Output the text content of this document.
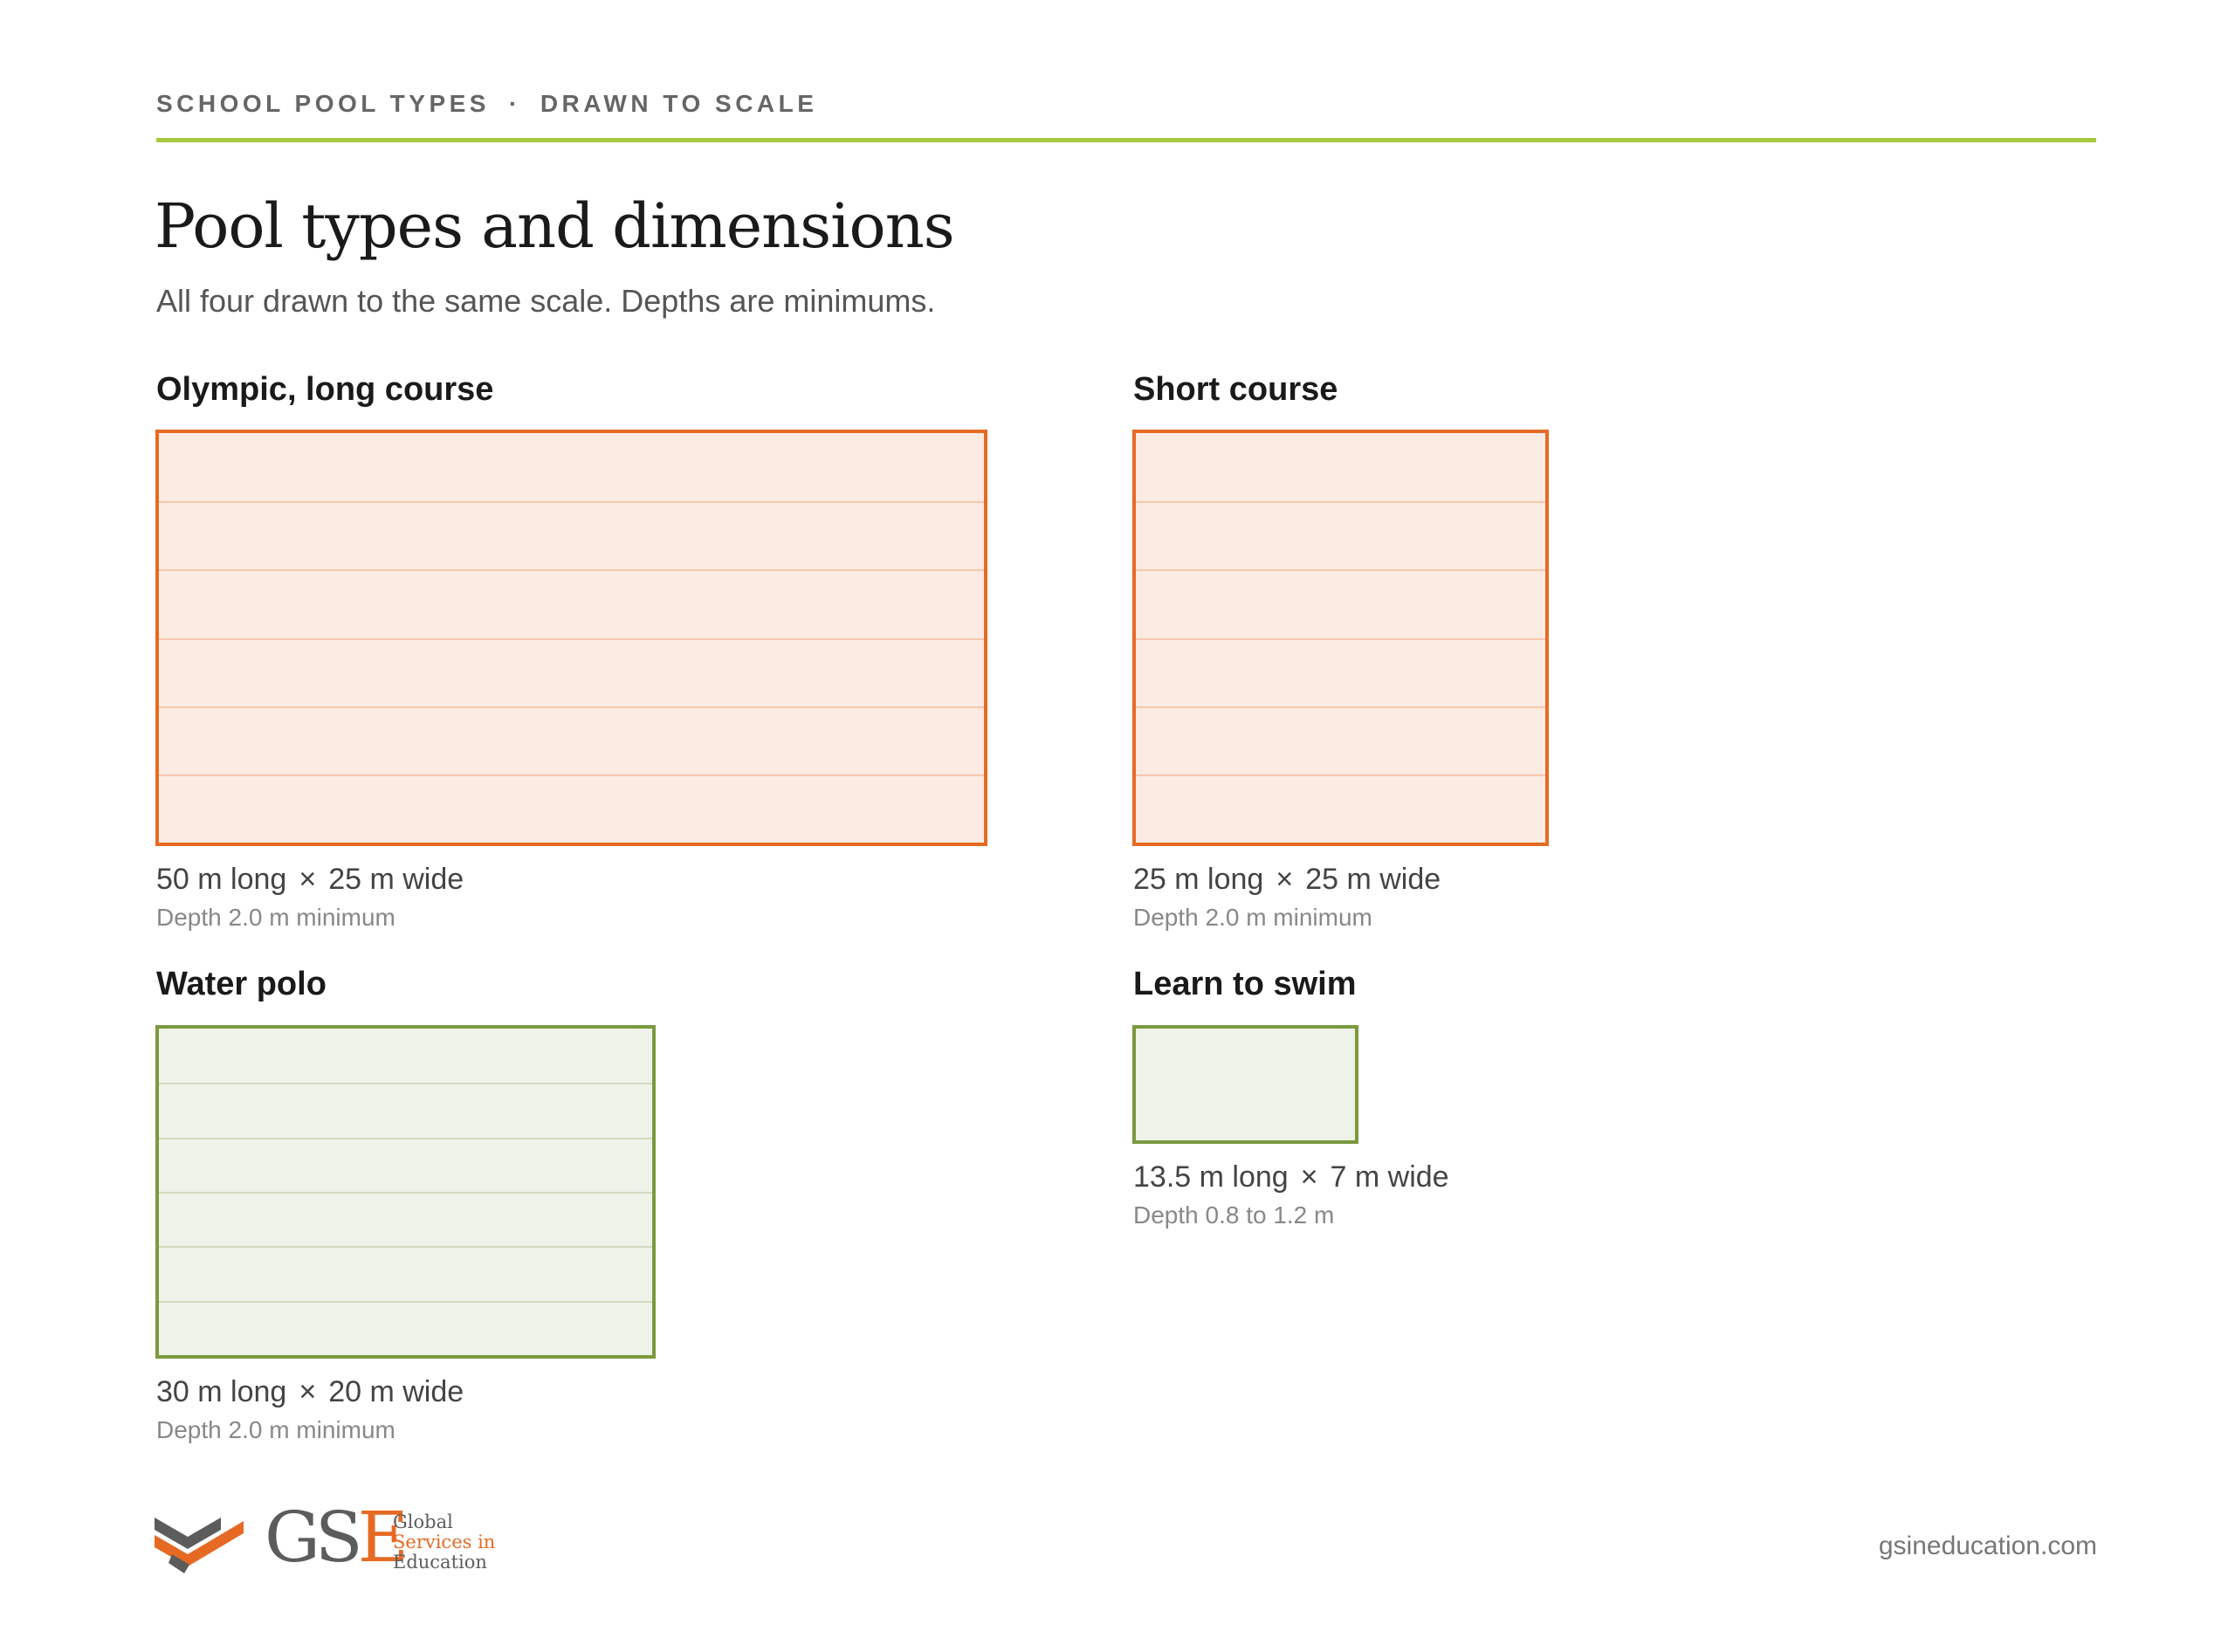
SCHOOL POOL TYPES · DRAWN TO SCALE
Pool types and dimensions
All four drawn to the same scale. Depths are minimums.
Olympic, long course
50 m long × 25 m wide
Depth 2.0 m minimum
Short course
25 m long × 25 m wide
Depth 2.0 m minimum
Water polo
30 m long × 20 m wide
Depth 2.0 m minimum
Learn to swim
13.5 m long × 7 m wide
Depth 0.8 to 1.2 m
GSE
Global
Services in
Education
gsineducation.com
